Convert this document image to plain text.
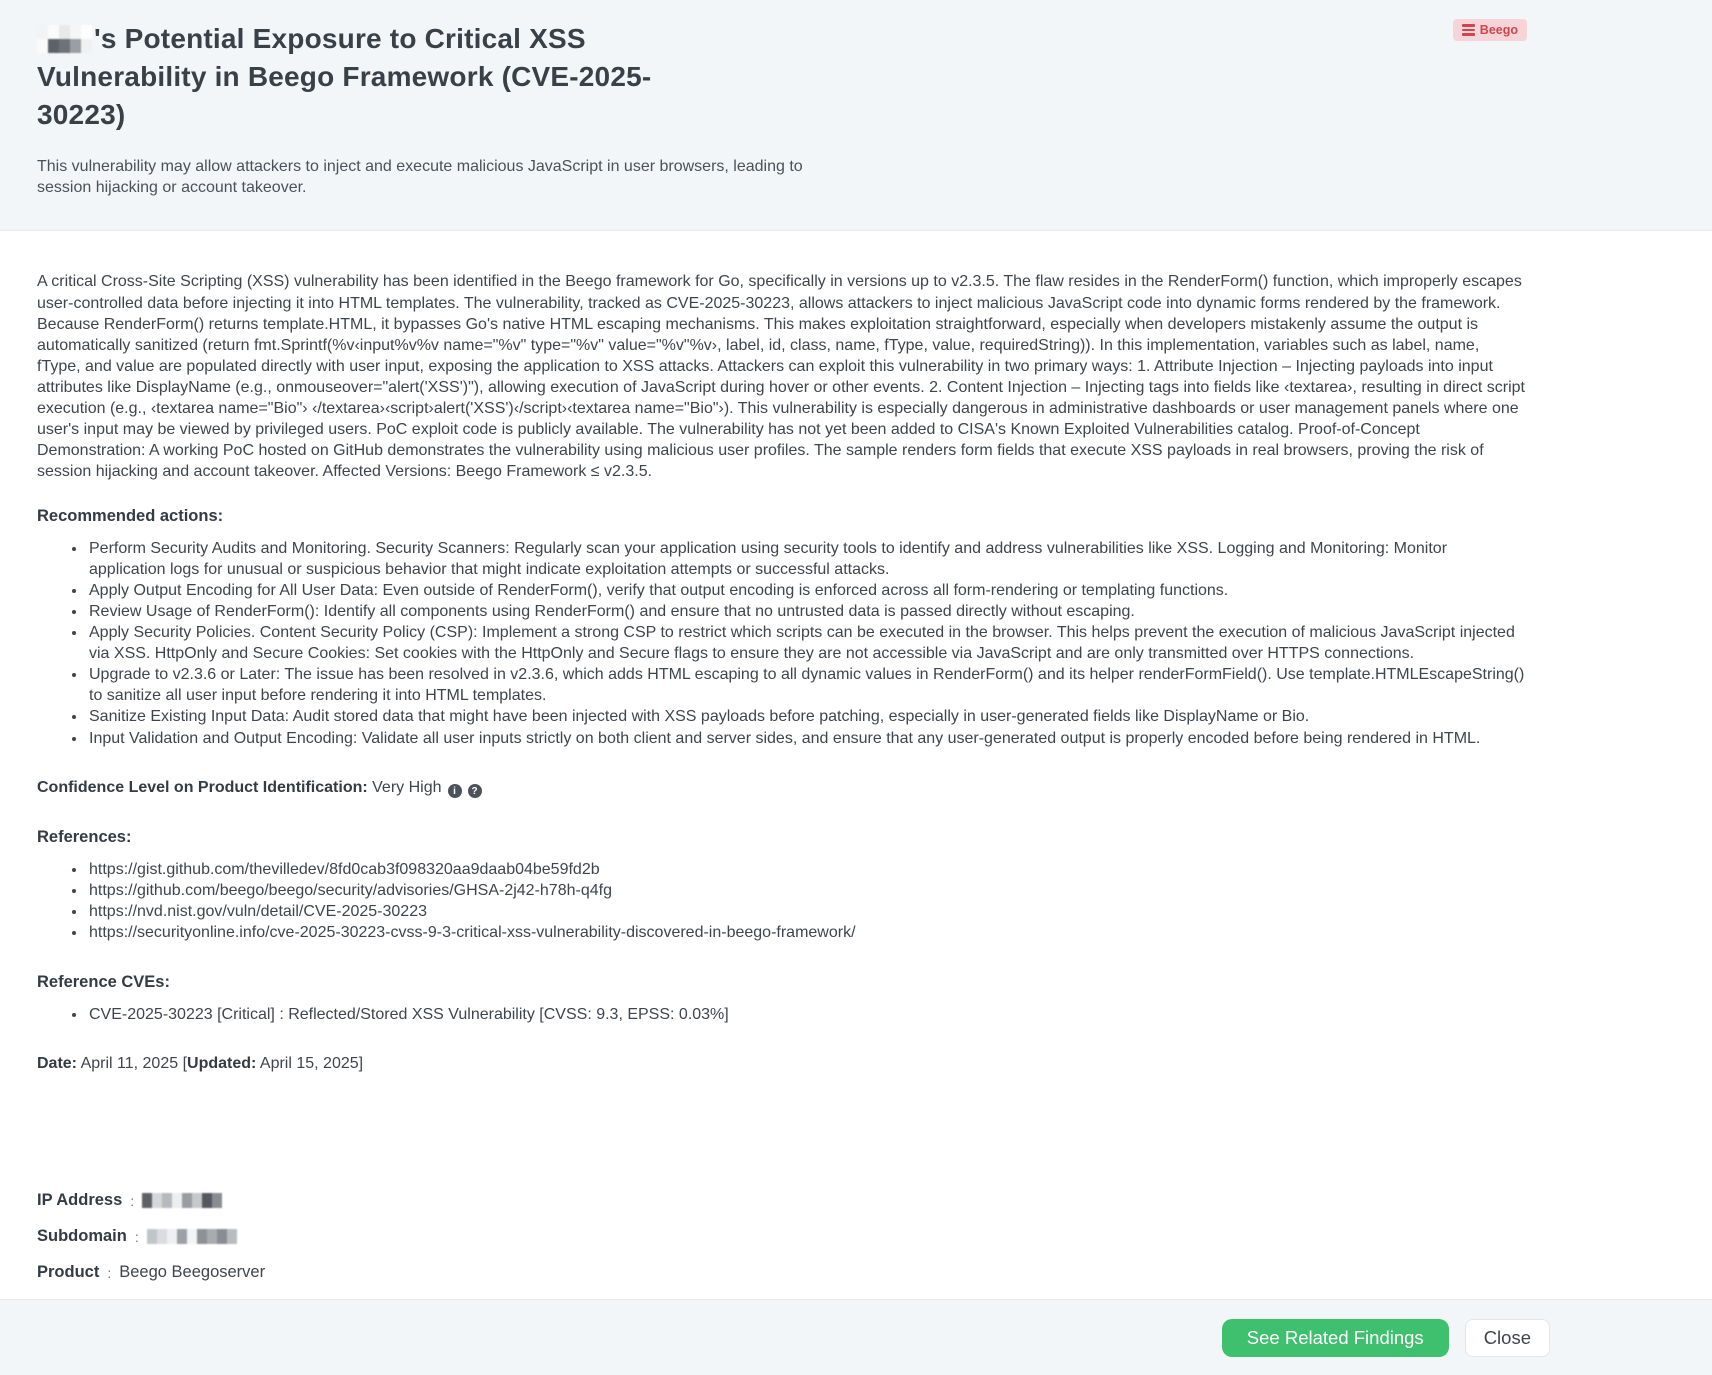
's Potential Exposure to Critical XSS Vulnerability in Beego Framework (CVE-2025-30223)
Beego

This vulnerability may allow attackers to inject and execute malicious JavaScript in user browsers, leading to session hijacking or account takeover.

A critical Cross-Site Scripting (XSS) vulnerability has been identified in the Beego framework for Go, specifically in versions up to v2.3.5. The flaw resides in the RenderForm() function, which improperly escapes user-controlled data before injecting it into HTML templates. The vulnerability, tracked as CVE-2025-30223, allows attackers to inject malicious JavaScript code into dynamic forms rendered by the framework. Because RenderForm() returns template.HTML, it bypasses Go's native HTML escaping mechanisms. This makes exploitation straightforward, especially when developers mistakenly assume the output is automatically sanitized (return fmt.Sprintf(%v‹input%v%v name="%v" type="%v" value="%v"%v›, label, id, class, name, fType, value, requiredString)). In this implementation, variables such as label, name, fType, and value are populated directly with user input, exposing the application to XSS attacks. Attackers can exploit this vulnerability in two primary ways: 1. Attribute Injection – Injecting payloads into input attributes like DisplayName (e.g., onmouseover="alert('XSS')"), allowing execution of JavaScript during hover or other events. 2. Content Injection – Injecting tags into fields like ‹textarea›, resulting in direct script execution (e.g., ‹textarea name="Bio"› ‹/textarea›‹script›alert('XSS')‹/script›‹textarea name="Bio"›). This vulnerability is especially dangerous in administrative dashboards or user management panels where one user's input may be viewed by privileged users. PoC exploit code is publicly available. The vulnerability has not yet been added to CISA's Known Exploited Vulnerabilities catalog. Proof-of-Concept Demonstration: A working PoC hosted on GitHub demonstrates the vulnerability using malicious user profiles. The sample renders form fields that execute XSS payloads in real browsers, proving the risk of session hijacking and account takeover. Affected Versions: Beego Framework ≤ v2.3.5.

Recommended actions:

• Perform Security Audits and Monitoring. Security Scanners: Regularly scan your application using security tools to identify and address vulnerabilities like XSS. Logging and Monitoring: Monitor application logs for unusual or suspicious behavior that might indicate exploitation attempts or successful attacks.
• Apply Output Encoding for All User Data: Even outside of RenderForm(), verify that output encoding is enforced across all form-rendering or templating functions.
• Review Usage of RenderForm(): Identify all components using RenderForm() and ensure that no untrusted data is passed directly without escaping.
• Apply Security Policies. Content Security Policy (CSP): Implement a strong CSP to restrict which scripts can be executed in the browser. This helps prevent the execution of malicious JavaScript injected via XSS. HttpOnly and Secure Cookies: Set cookies with the HttpOnly and Secure flags to ensure they are not accessible via JavaScript and are only transmitted over HTTPS connections.
• Upgrade to v2.3.6 or Later: The issue has been resolved in v2.3.6, which adds HTML escaping to all dynamic values in RenderForm() and its helper renderFormField(). Use template.HTMLEscapeString() to sanitize all user input before rendering it into HTML templates.
• Sanitize Existing Input Data: Audit stored data that might have been injected with XSS payloads before patching, especially in user-generated fields like DisplayName or Bio.
• Input Validation and Output Encoding: Validate all user inputs strictly on both client and server sides, and ensure that any user-generated output is properly encoded before being rendered in HTML.

Confidence Level on Product Identification: Very High i ?

References:

• https://gist.github.com/thevilledev/8fd0cab3f098320aa9daab04be59fd2b
• https://github.com/beego/beego/security/advisories/GHSA-2j42-h78h-q4fg
• https://nvd.nist.gov/vuln/detail/CVE-2025-30223
• https://securityonline.info/cve-2025-30223-cvss-9-3-critical-xss-vulnerability-discovered-in-beego-framework/

Reference CVEs:

• CVE-2025-30223 [Critical] : Reflected/Stored XSS Vulnerability [CVSS: 9.3, EPSS: 0.03%]

Date: April 11, 2025 [Updated: April 15, 2025]

IP Address :
Subdomain :
Product : Beego Beegoserver
See Related Findings	Close
